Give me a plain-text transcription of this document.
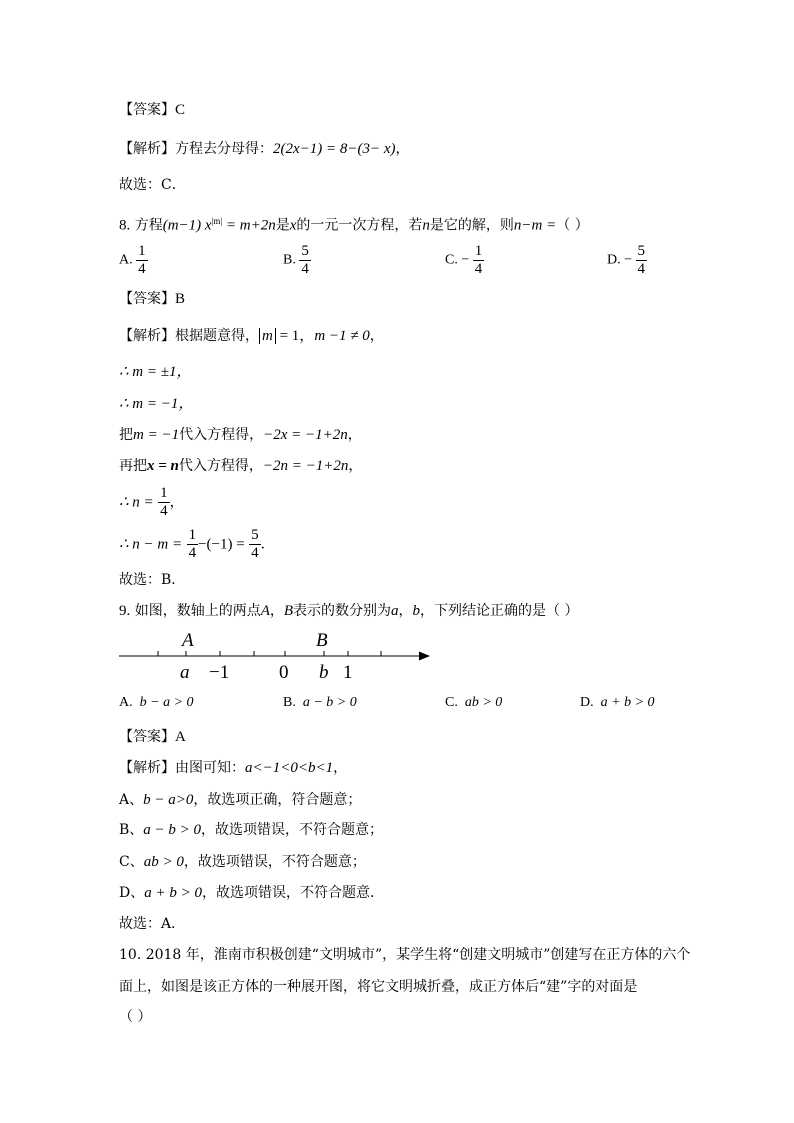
【答案】C
【解析】方程去分母得：2(2x−1) = 8−(3− x)，
故选：C．
8. 方程(m−1) $x^{|m|} = m+2n$是x的一元一次方程，若n是它的解，则n−m =（ ）
A. $\frac{1}{4}$	B. $\frac{5}{4}$	C. − $\frac{1}{4}$	D. − $\frac{5}{4}$
【答案】B
【解析】根据题意得， m = 1，m −1 ≠ 0，
∴ m = ±1，
∴ m = −1，
把m = −1代入方程得，−2x = −1+2n，
再把x = n代入方程得，−2n = −1+2n，
∴ $n = \frac{1}{4}$ ，
∴ $n - m = \frac{1}{4} -(-1) = \frac{5}{4}$ ．
故选：B．
9. 如图，数轴上的两点A，B表示的数分别为a，b，下列结论正确的是（ ）
A	B
a −1	0 b 1
A. b − a > 0	B. a − b > 0	C. ab > 0	D. a + b > 0
【答案】A
【解析】由图可知：a<−1<0<b<1，
A、b − a>0，故选项正确，符合题意；
B、a − b > 0，故选项错误，不符合题意；
C、ab > 0，故选项错误，不符合题意；
D、a + b > 0，故选项错误，不符合题意．
故选：A．
10. 2018 年，淮南市积极创建“文明城市”，某学生将“创建文明城市”创建写在正方体的六个
面上，如图是该正方体的一种展开图，将它文明城折叠，成正方体后“建”字的对面是
（ ）
